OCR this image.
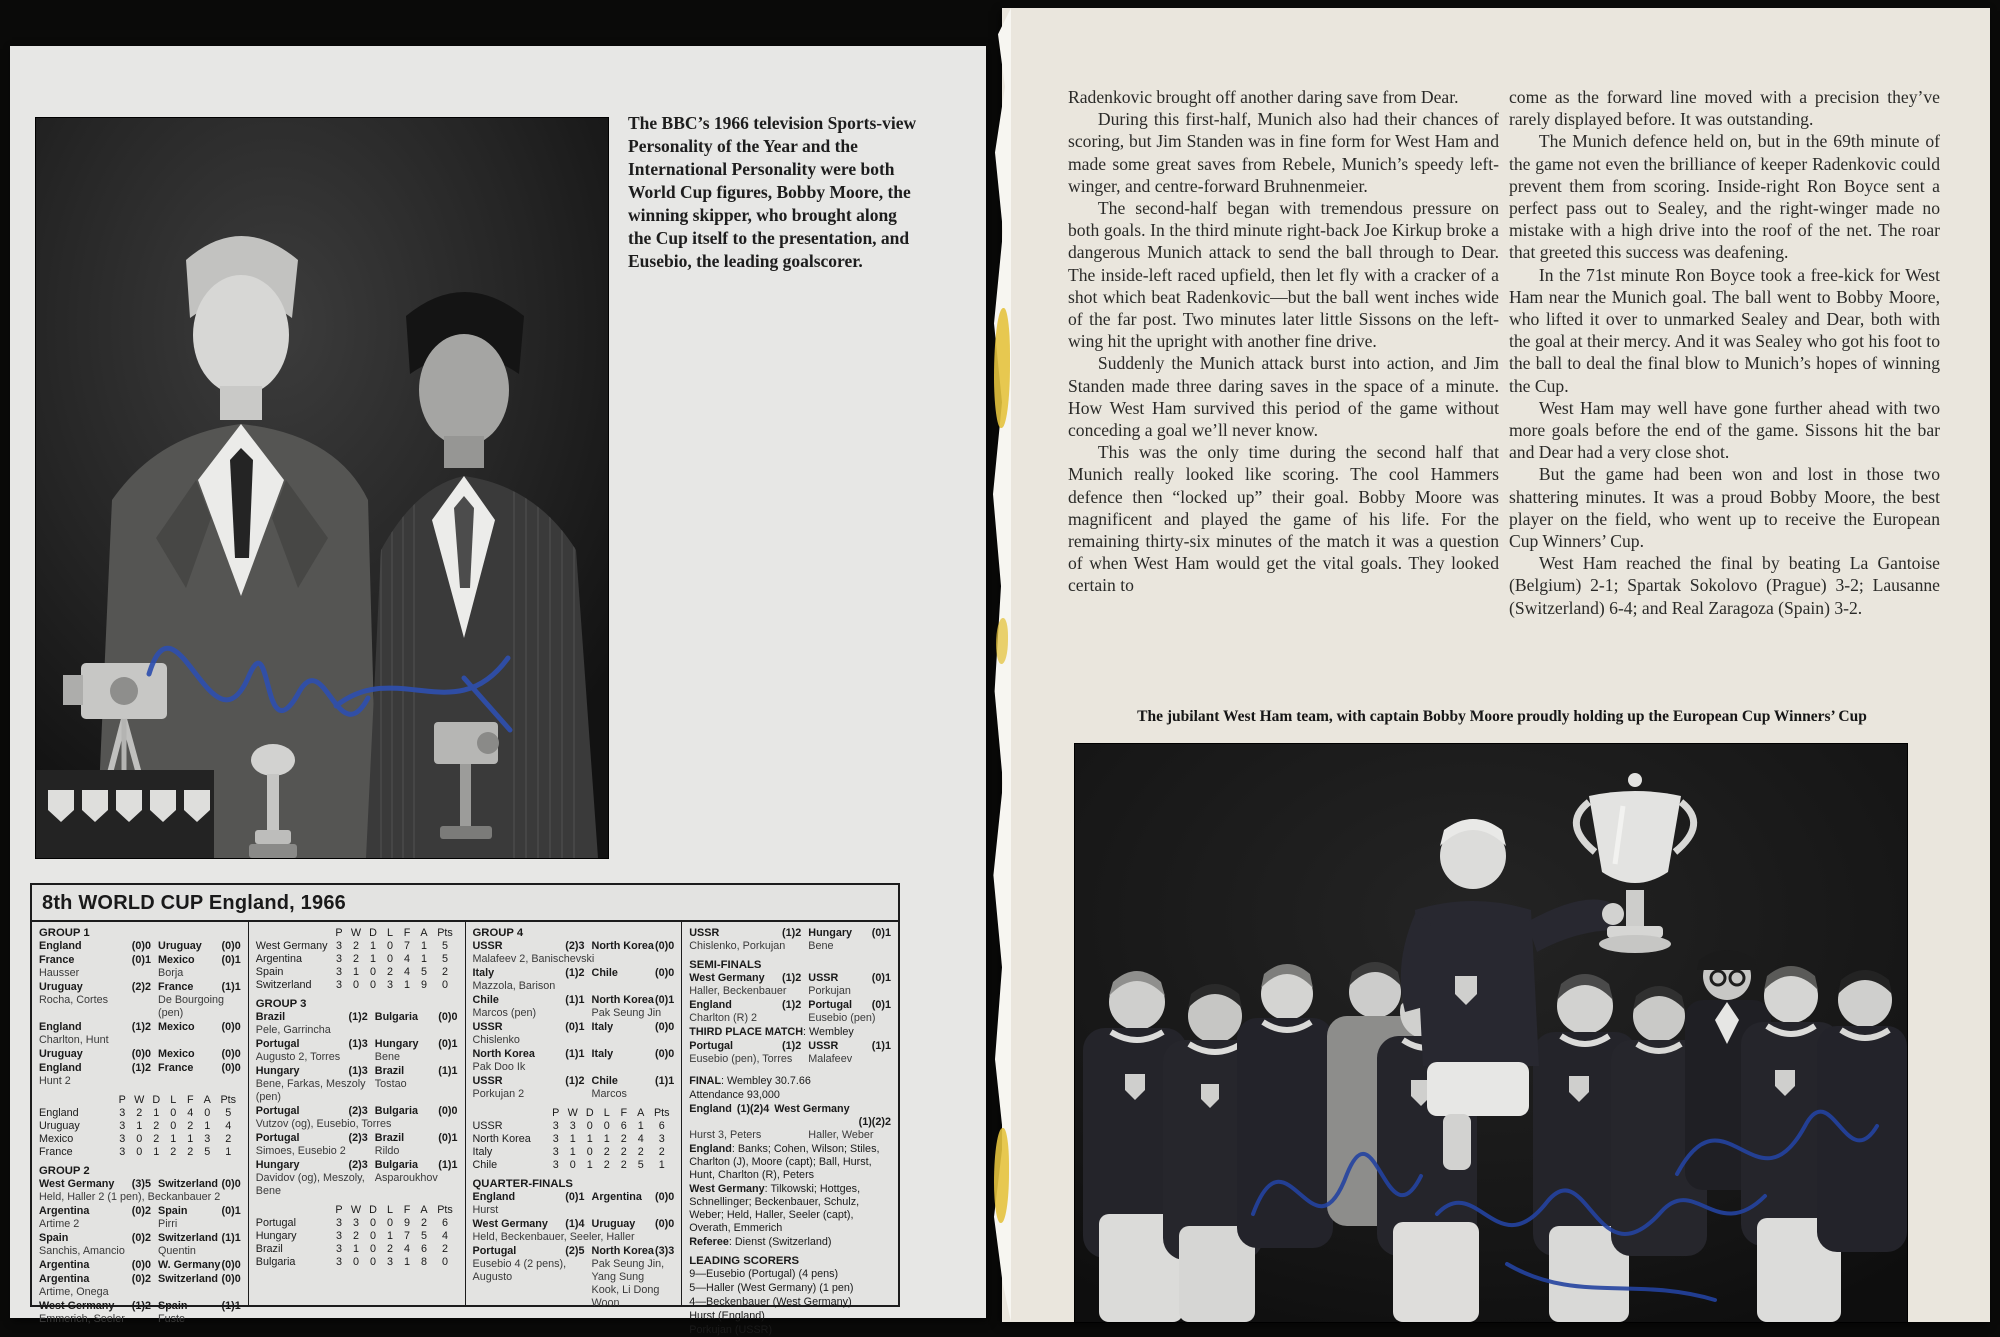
The BBC’s 1966 television Sports-view Personality of the Year and the International Personality were both World Cup figures, Bobby Moore, the winning skipper, who brought along the Cup itself to the presentation, and Eusebio, the leading goalscorer.
8th WORLD CUP England, 1966
GROUP 1
England	(0)0 Uruguay	(0)0
France	(0)1 Mexico	(0)1
Hausser	Borja
Uruguay	(2)2 France	(1)1
Rocha, Cortes	De Bourgoing (pen)
England	(1)2 Mexico	(0)0
Charlton, Hunt
Uruguay	(0)0 Mexico	(0)0
England	(1)2 France	(0)0
Hunt 2
P W D L F A Pts
England	3	2	1	0	4	0	5
Uruguay	3	1	2	0	2	1	4
Mexico	3	0	2	1	1	3	2
France	3	0	1	2	2	5	1
GROUP 2
West Germany	(3)5 Switzerland (0)0
Held, Haller 2 (1 pen), Beckanbauer 2
Argentina	(0)2 Spain	(0)1
Artime 2	Pirri
Spain	(0)2 Switzerland (1)1
Sanchis, Amancio	Quentin
Argentina	(0)0 W. Germany (0)0
Argentina	(0)2 Switzerland (0)0
Artime, Onega
West Germany	(1)2 Spain	(1)1
Emmerich, Seeler	Fuste
P W D L F A Pts
West Germany 3	2	1	0	7	1	5
Argentina	3	2	1	0	4	1	5
Spain	3	1	0	2	4	5	2
Switzerland	3	0	0	3	1	9	0
GROUP 3
Brazil	(1)2 Bulgaria	(0)0
Pele, Garrincha
Portugal	(1)3 Hungary	(0)1
Augusto 2, Torres	Bene
Hungary	(1)3 Brazil	(1)1
Bene, Farkas, Meszoly (pen)
Tostao
Portugal	(2)3 Bulgaria	(0)0
Vutzov (og), Eusebio, Torres
Portugal	(2)3 Brazil	(0)1
Simoes, Eusebio 2	Rildo
Hungary	(2)3 Bulgaria	(1)1
Davidov (og), Meszoly, Bene
Asparoukhov
P W D L F A Pts
Portugal	3	3	0	0	9	2	6
Hungary	3	2	0	1	7	5	4
Brazil	3	1	0	2	4	6	2
Bulgaria	3	0	0	3	1	8	0
GROUP 4
USSR	(2)3 North Korea (0)0
Malafeev 2, Banischevski
Italy	(1)2 Chile	(0)0
Mazzola, Barison
Chile	(1)1 North Korea (0)1
Marcos (pen)	Pak Seung Jin
USSR	(0)1 Italy	(0)0
Chislenko
North Korea	(1)1 Italy	(0)0
Pak Doo Ik
USSR	(1)2 Chile	(1)1
Porkujan 2	Marcos
P W D L F A Pts
USSR	3	3	0	0	6	1	6
North Korea	3	1	1	1	2	4	3
Italy	3	1	0	2	2	2	2
Chile	3	0	1	2	2	5	1
QUARTER-FINALS
England	(0)1 Argentina	(0)0
Hurst
West Germany	(1)4 Uruguay	(0)0
Held, Beckenbauer, Seeler, Haller
Portugal	(2)5 North Korea (3)3
Eusebio 4 (2 pens), Augusto
Pak Seung Jin, Yang Sung Kook, Li Dong Woon
USSR	(1)2 Hungary	(0)1
Chislenko, Porkujan	Bene
SEMI-FINALS
West Germany	(1)2 USSR	(0)1
Haller, Beckenbauer	Porkujan
England	(1)2 Portugal	(0)1
Charlton (R) 2	Eusebio (pen)
THIRD PLACE MATCH: Wembley
Portugal	(1)2 USSR	(1)1
Eusebio (pen), Torres	Malafeev
FINAL: Wembley 30.7.66
Attendance 93,000
England (1)(2)4 West Germany
(1)(2)2
Hurst 3, Peters	Haller, Weber
England: Banks; Cohen, Wilson; Stiles, Charlton (J), Moore (capt); Ball, Hurst, Hunt, Charlton (R), Peters
West Germany: Tilkowski; Hottges, Schnellinger; Beckenbauer, Schulz, Weber; Held, Haller, Seeler (capt), Overath, Emmerich
Referee: Dienst (Switzerland)
LEADING SCORERS
9—Eusebio (Portugal) (4 pens)
5—Haller (West Germany) (1 pen)
4—Beckenbauer (West Germany)
Hurst (England)
Porkujan (USSR)

Radenkovic brought off another daring save from Dear.

During this first-half, Munich also had their chances of scoring, but Jim Standen was in fine form for West Ham and made some great saves from Rebele, Munich’s speedy left-winger, and centre-forward Bruhnenmeier.

The second-half began with tremendous pressure on both goals. In the third minute right-back Joe Kirkup broke a dangerous Munich attack to send the ball through to Dear. The inside-left raced upfield, then let fly with a cracker of a shot which beat Radenkovic—but the ball went inches wide of the far post. Two minutes later little Sissons on the left-wing hit the upright with another fine drive.

Suddenly the Munich attack burst into action, and Jim Standen made three daring saves in the space of a minute. How West Ham survived this period of the game without conceding a goal we’ll never know.

This was the only time during the second half that Munich really looked like scoring. The cool Hammers defence then “locked up” their goal. Bobby Moore was magnificent and played the game of his life. For the remaining thirty-six minutes of the match it was a question of when West Ham would get the vital goals. They looked certain to

come as the forward line moved with a precision they’ve rarely displayed before. It was outstanding.

The Munich defence held on, but in the 69th minute of the game not even the brilliance of keeper Radenkovic could prevent them from scoring. Inside-right Ron Boyce sent a perfect pass out to Sealey, and the right-winger made no mistake with a high drive into the roof of the net. The roar that greeted this success was deafening.

In the 71st minute Ron Boyce took a free-kick for West Ham near the Munich goal. The ball went to Bobby Moore, who lifted it over to unmarked Sealey and Dear, both with the goal at their mercy. And it was Sealey who got his foot to the ball to deal the final blow to Munich’s hopes of winning the Cup.

West Ham may well have gone further ahead with two more goals before the end of the game. Sissons hit the bar and Dear had a very close shot.

But the game had been won and lost in those two shattering minutes. It was a proud Bobby Moore, the best player on the field, who went up to receive the European Cup Winners’ Cup.

West Ham reached the final by beating La Gantoise (Belgium) 2-1; Spartak Sokolovo (Prague) 3-2; Lausanne (Switzerland) 6-4; and Real Zaragoza (Spain) 3-2.

The jubilant West Ham team, with captain Bobby Moore proudly holding up the European Cup Winners’ Cup
